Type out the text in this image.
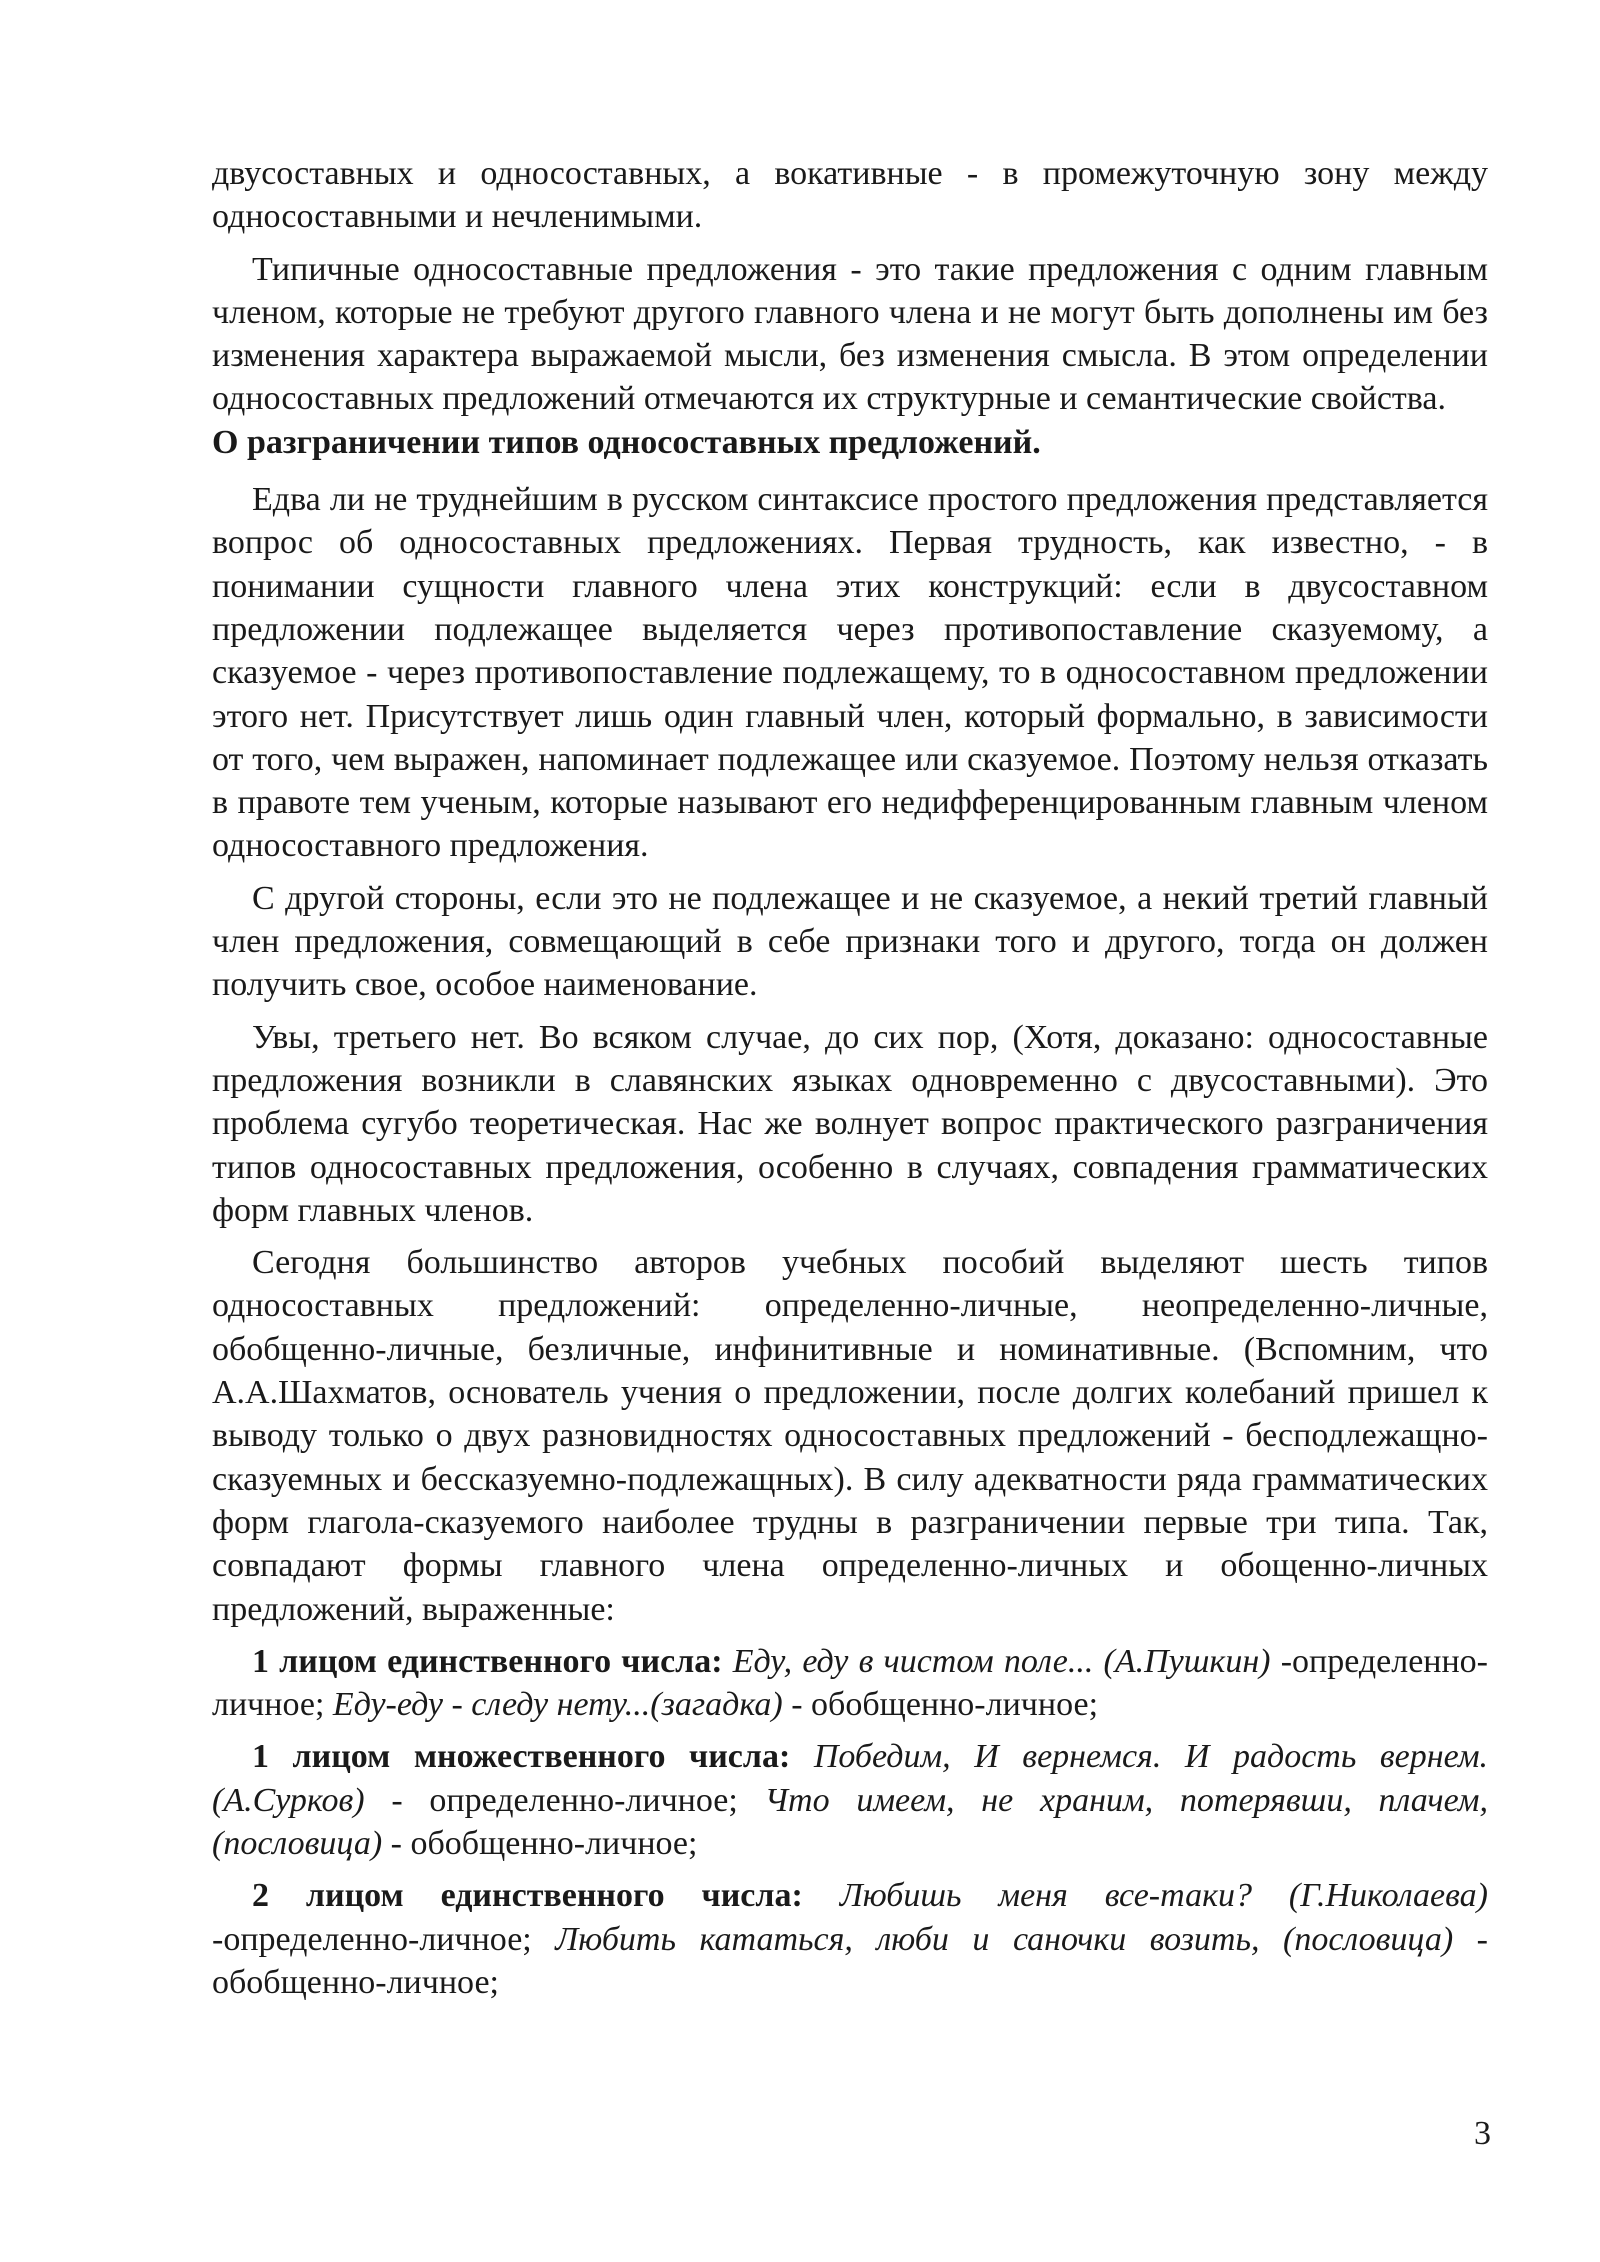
двусоставных и односоставных, а вокативные - в промежуточную зону между односоставными и нечленимыми.

Типичные односоставные предложения - это такие предложения с одним главным членом, которые не требуют другого главного члена и не могут быть дополнены им без изменения характера выражаемой мысли, без изменения смысла. В этом определении односоставных предложений отмечаются их структурные и семантические свойства.

О разграничении типов односоставных предложений.

Едва ли не труднейшим в русском синтаксисе простого предложения представляется вопрос об односоставных предложениях. Первая трудность, как известно, - в понимании сущности главного члена этих конструкций: если в двусоставном предложении подлежащее выделяется через противопоставление сказуемому, а сказуемое - через противопоставление подлежащему, то в односоставном предложении этого нет. Присутствует лишь один главный член, который формально, в зависимости от того, чем выражен, напоминает подлежащее или сказуемое. Поэтому нельзя отказать в правоте тем ученым, которые называют его недифференцированным главным членом односоставного предложения.

С другой стороны, если это не подлежащее и не сказуемое, а некий третий главный член предложения, совмещающий в себе признаки того и другого, тогда он должен получить свое, особое наименование.

Увы, третьего нет. Во всяком случае, до сих пор, (Хотя, доказано: односоставные предложения возникли в славянских языках одновременно с двусоставными). Это проблема сугубо теоретическая. Нас же волнует вопрос практического разграничения типов односоставных предложения, особенно в случаях, совпадения грамматических форм главных членов.

Сегодня большинство авторов учебных пособий выделяют шесть типов односоставных предложений: определенно-личные, неопределенно-личные, обобщенно-личные, безличные, инфинитивные и номинативные. (Вспомним, что А.А.Шахматов, основатель учения о предложении, после долгих колебаний пришел к выводу только о двух разновидностях односоставных предложений - бесподлежащно-сказуемных и бессказуемно-подлежащных). В силу адекватности ряда грамматических форм глагола-сказуемого наиболее трудны в разграничении первые три типа. Так, совпадают формы главного члена определенно-личных и обощенно-личных предложений, выраженные:

1 лицом единственного числа: Еду, еду в чистом поле... (А.Пушкин) -определенно-личное; Еду-еду - следу нету...(загадка) - обобщенно-личное;

1 лицом множественного числа: Победим, И вернемся. И радость вернем. (А.Сурков) - определенно-личное; Что имеем, не храним, потерявши, плачем, (пословица) - обобщенно-личное;

2 лицом единственного числа: Любишь меня все-таки? (Г.Николаева) -определенно-личное; Любить кататься, люби и саночки возить, (пословица) - обобщенно-личное;

3
